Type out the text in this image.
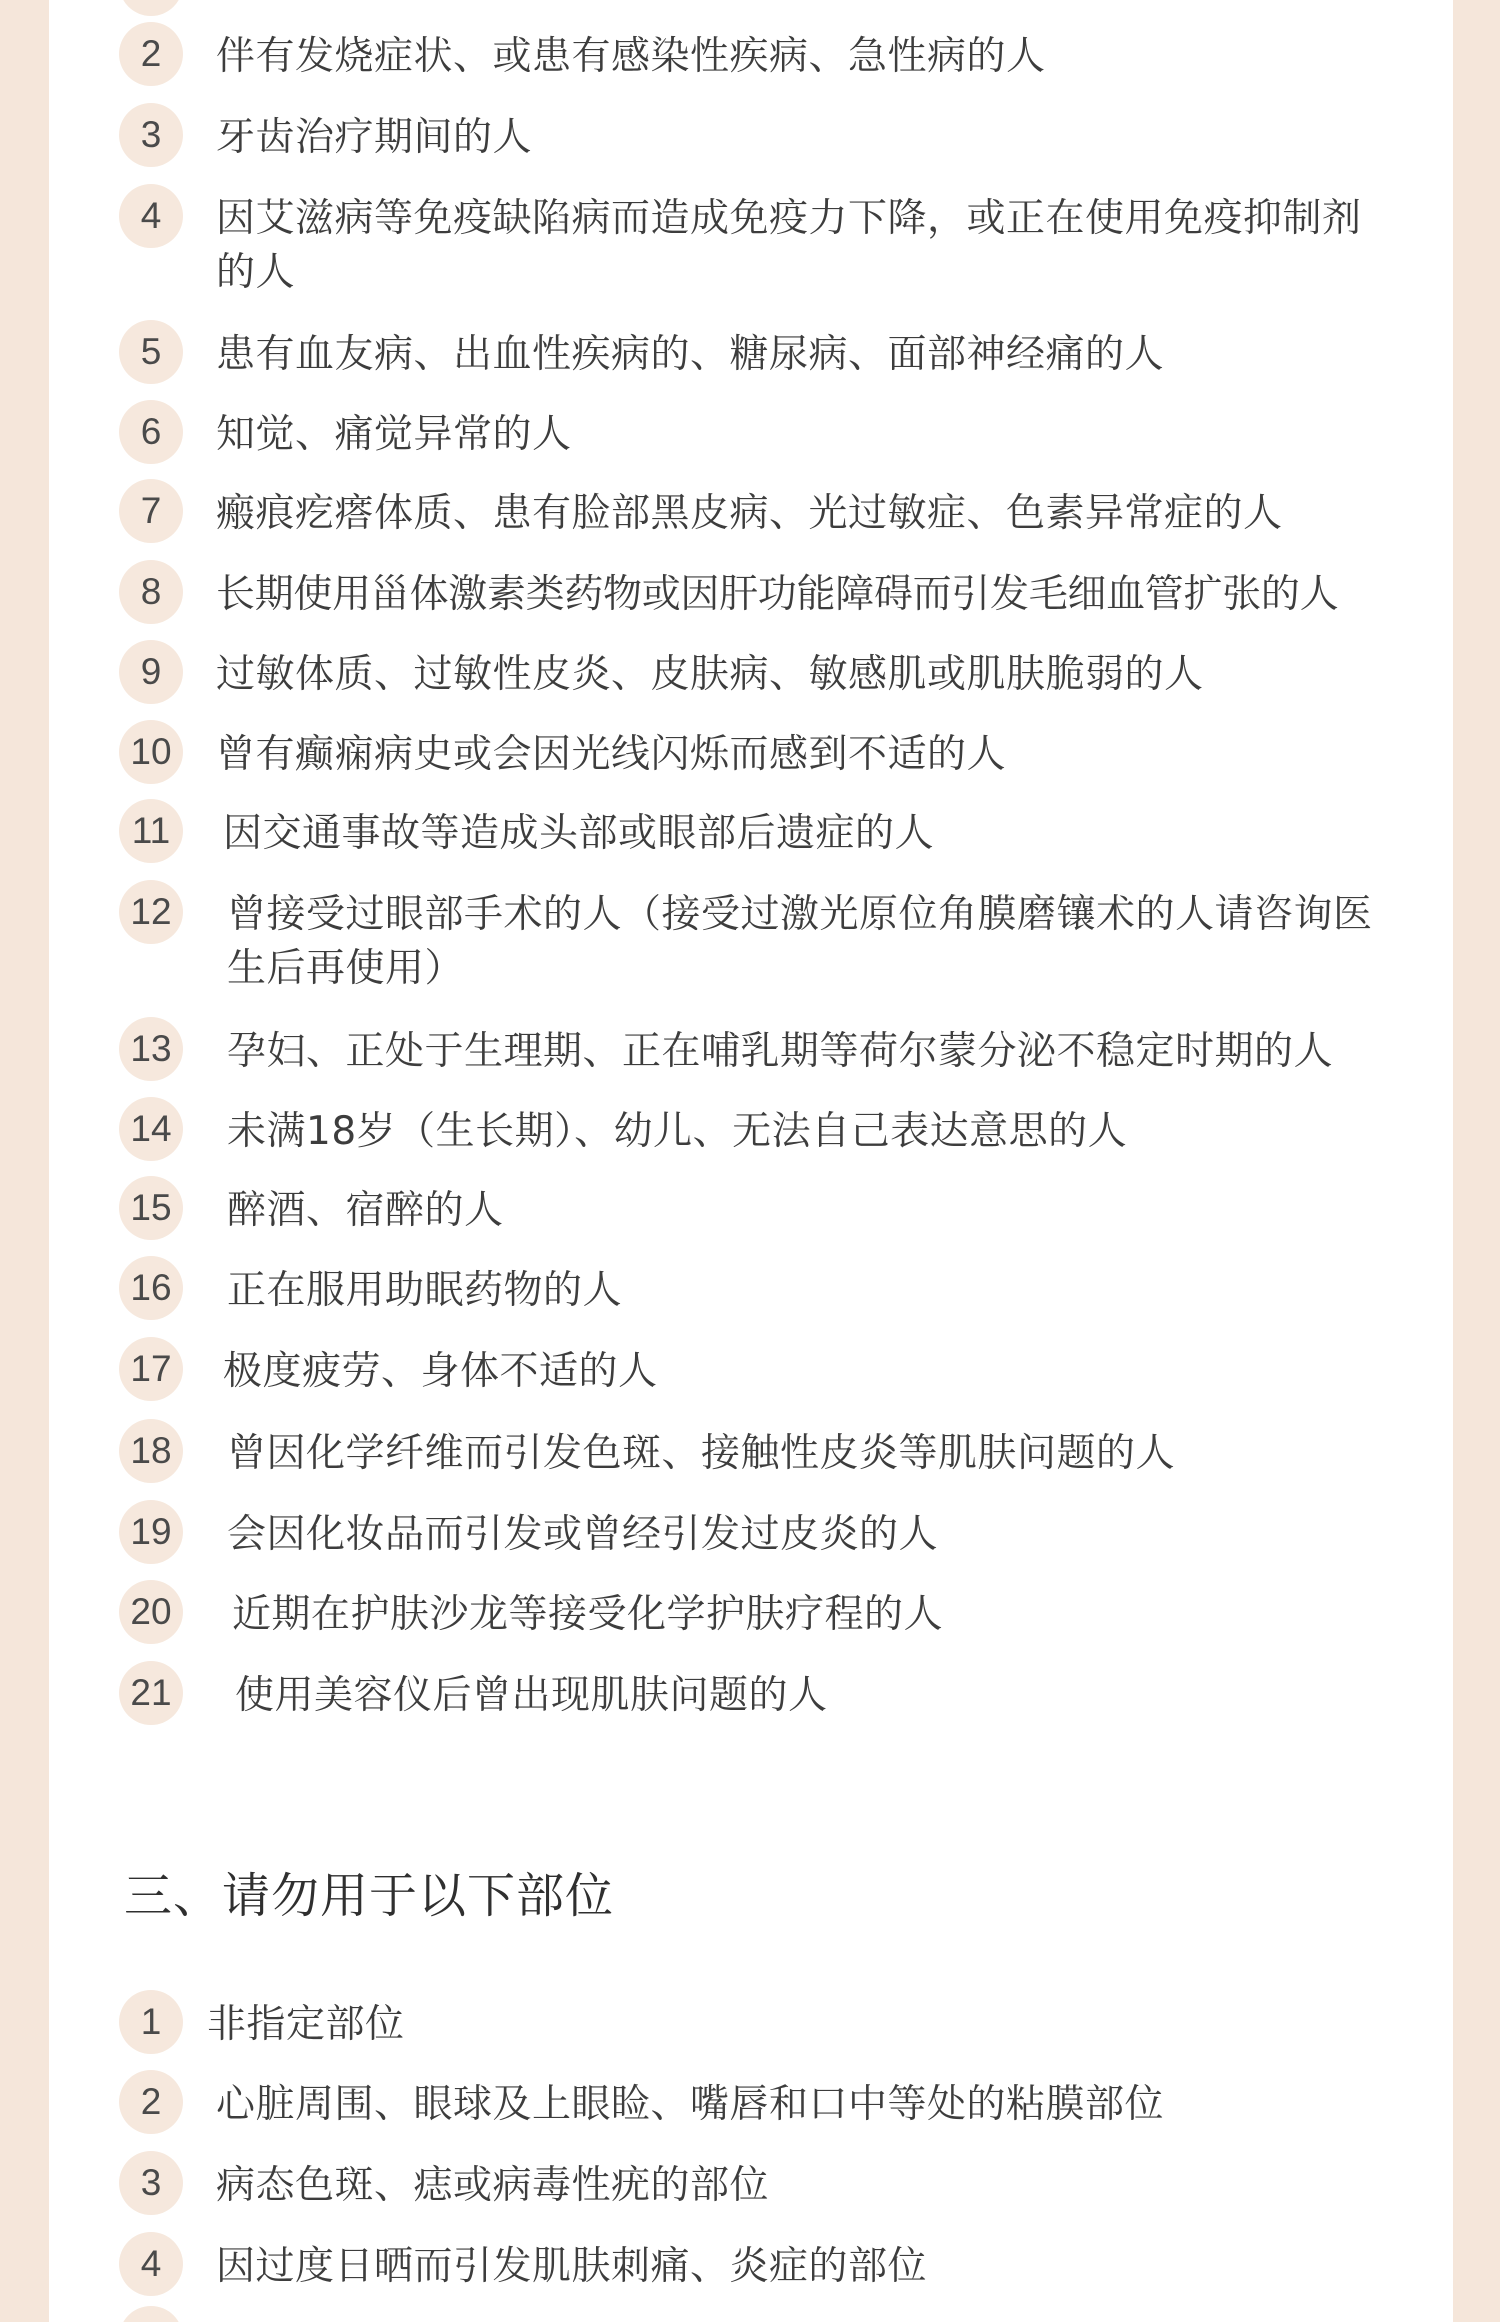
2	伴有发烧症状、或患有感染性疾病、急性病的人
3	牙齿治疗期间的人
4	因艾滋病等免疫缺陷病而造成免疫力下降，或正在使用免疫抑制剂的人
5	患有血友病、出血性疾病的、糖尿病、面部神经痛的人
6	知觉、痛觉异常的人
7	瘢痕疙瘩体质、患有脸部黑皮病、光过敏症、色素异常症的人
8	长期使用甾体激素类药物或因肝功能障碍而引发毛细血管扩张的人
9	过敏体质、过敏性皮炎、皮肤病、敏感肌或肌肤脆弱的人
10 曾有癫痫病史或会因光线闪烁而感到不适的人
11	因交通事故等造成头部或眼部后遗症的人
12 曾接受过眼部手术的人（接受过激光原位角膜磨镶术的人请咨询医生后再使用）
13 孕妇、正处于生理期、正在哺乳期等荷尔蒙分泌不稳定时期的人
14 未满18岁（生长期）、幼儿、无法自己表达意思的人
15 醉酒、宿醉的人
16 正在服用助眠药物的人
17 极度疲劳、身体不适的人
18 曾因化学纤维而引发色斑、接触性皮炎等肌肤问题的人
19 会因化妆品而引发或曾经引发过皮炎的人
20 近期在护肤沙龙等接受化学护肤疗程的人
21 使用美容仪后曾出现肌肤问题的人
三、请勿用于以下部位
1	非指定部位
2	心脏周围、眼球及上眼睑、嘴唇和口中等处的粘膜部位
3	病态色斑、痣或病毒性疣的部位
4	因过度日晒而引发肌肤刺痛、炎症的部位
